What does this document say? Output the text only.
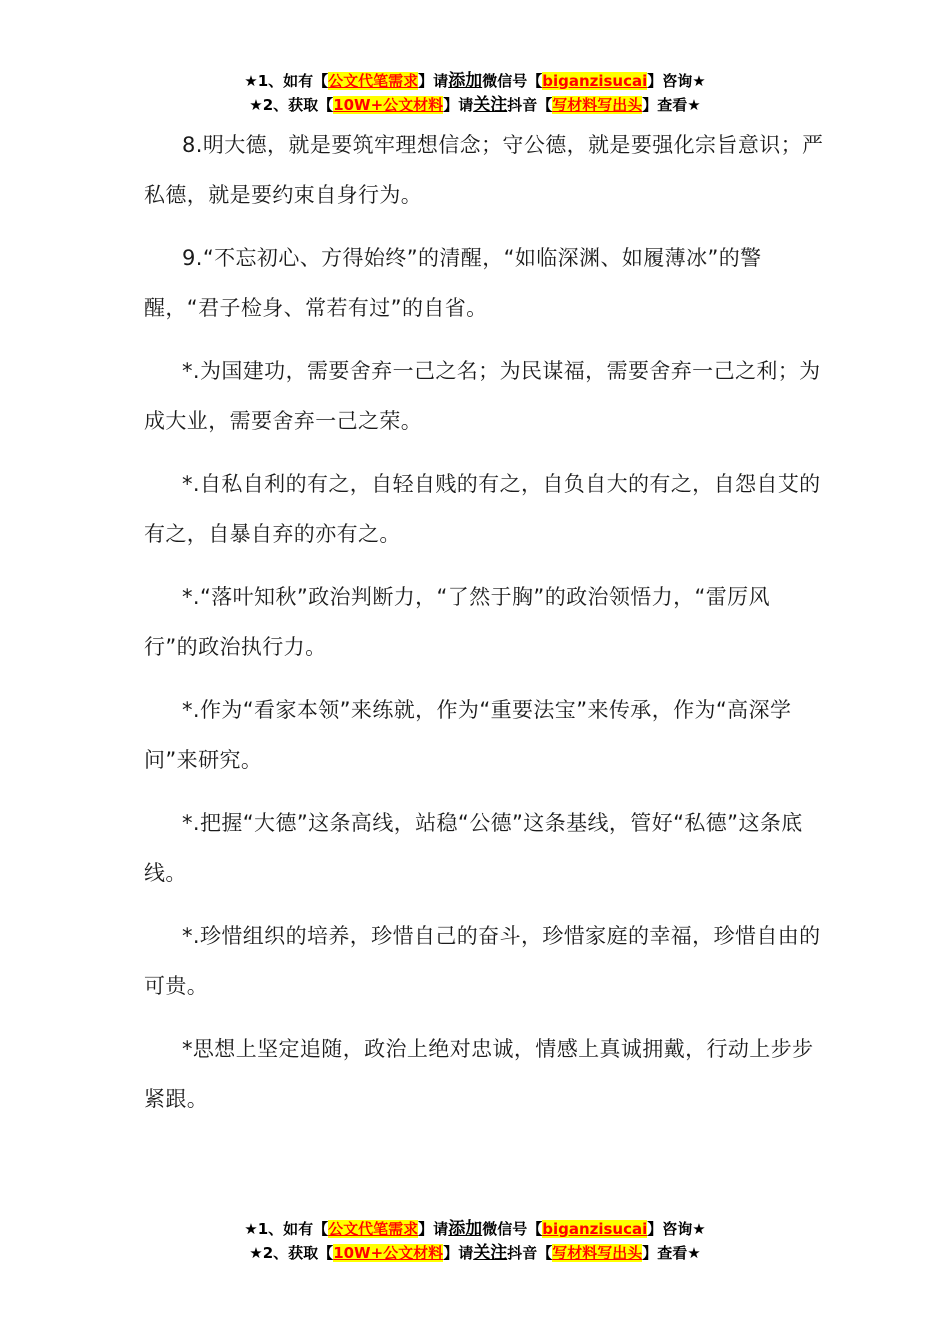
★1、如有【公文代笔需求】请添加微信号【biganzisucai】咨询★
★2、获取【10W+公文材料】请关注抖音【写材料写出头】查看★

8.明大德，就是要筑牢理想信念；守公德，就是要强化宗旨意识；严私德，就是要约束自身行为。

9.“不忘初心、方得始终”的清醒，“如临深渊、如履薄冰”的警醒，“君子检身、常若有过”的自省。

*.为国建功，需要舍弃一己之名；为民谋福，需要舍弃一己之利；为成大业，需要舍弃一己之荣。

*.自私自利的有之，自轻自贱的有之，自负自大的有之，自怨自艾的有之，自暴自弃的亦有之。

*.“落叶知秋”政治判断力，“了然于胸”的政治领悟力，“雷厉风行”的政治执行力。

*.作为“看家本领”来练就，作为“重要法宝”来传承，作为“高深学问”来研究。

*.把握“大德”这条高线，站稳“公德”这条基线，管好“私德”这条底线。

*.珍惜组织的培养，珍惜自己的奋斗，珍惜家庭的幸福，珍惜自由的可贵。

*思想上坚定追随，政治上绝对忠诚，情感上真诚拥戴，行动上步步紧跟。

★1、如有【公文代笔需求】请添加微信号【biganzisucai】咨询★
★2、获取【10W+公文材料】请关注抖音【写材料写出头】查看★
